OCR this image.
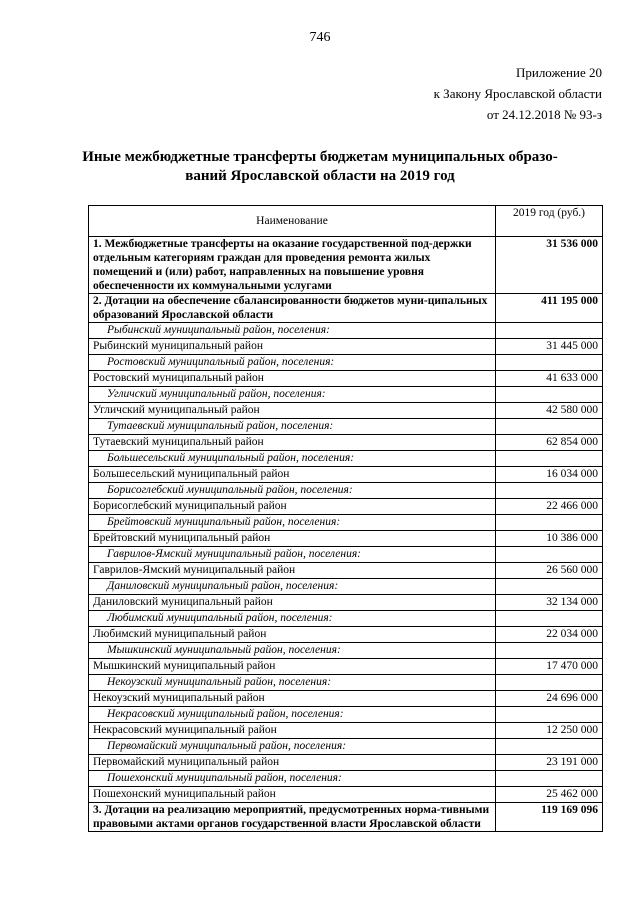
746
Приложение 20
к Закону Ярославской области
от 24.12.2018 № 93-з
Иные межбюджетные трансферты бюджетам муниципальных образо-ваний Ярославской области на 2019 год
Наименование	2019 год (руб.)
1. Межбюджетные трансферты на оказание государственной под-держки отдельным категориям граждан для проведения ремонта жилых помещений и (или) работ, направленных на повышение уровня обеспеченности их коммунальными услугами	31 536 000
2. Дотации на обеспечение сбалансированности бюджетов муни-ципальных образований Ярославской области	411 195 000
Рыбинский муниципальный район, поселения:	
Рыбинский муниципальный район	31 445 000
Ростовский муниципальный район, поселения:	
Ростовский муниципальный район	41 633 000
Угличский муниципальный район, поселения:	
Угличский муниципальный район	42 580 000
Тутаевский муниципальный район, поселения:	
Тутаевский муниципальный район	62 854 000
Большесельский муниципальный район, поселения:	
Большесельский муниципальный район	16 034 000
Борисоглебский муниципальный район, поселения:	
Борисоглебский муниципальный район	22 466 000
Брейтовский муниципальный район, поселения:	
Брейтовский муниципальный район	10 386 000
Гаврилов-Ямский муниципальный район, поселения:	
Гаврилов-Ямский муниципальный район	26 560 000
Даниловский муниципальный район, поселения:	
Даниловский муниципальный район	32 134 000
Любимский муниципальный район, поселения:	
Любимский муниципальный район	22 034 000
Мышкинский муниципальный район, поселения:	
Мышкинский муниципальный район	17 470 000
Некоузский муниципальный район, поселения:	
Некоузский муниципальный район	24 696 000
Некрасовский муниципальный район, поселения:	
Некрасовский муниципальный район	12 250 000
Первомайский муниципальный район, поселения:	
Первомайский муниципальный район	23 191 000
Пошехонский муниципальный район, поселения:	
Пошехонский муниципальный район	25 462 000
3. Дотации на реализацию мероприятий, предусмотренных норма-тивными правовыми актами органов государственной власти Ярославской области	119 169 096
